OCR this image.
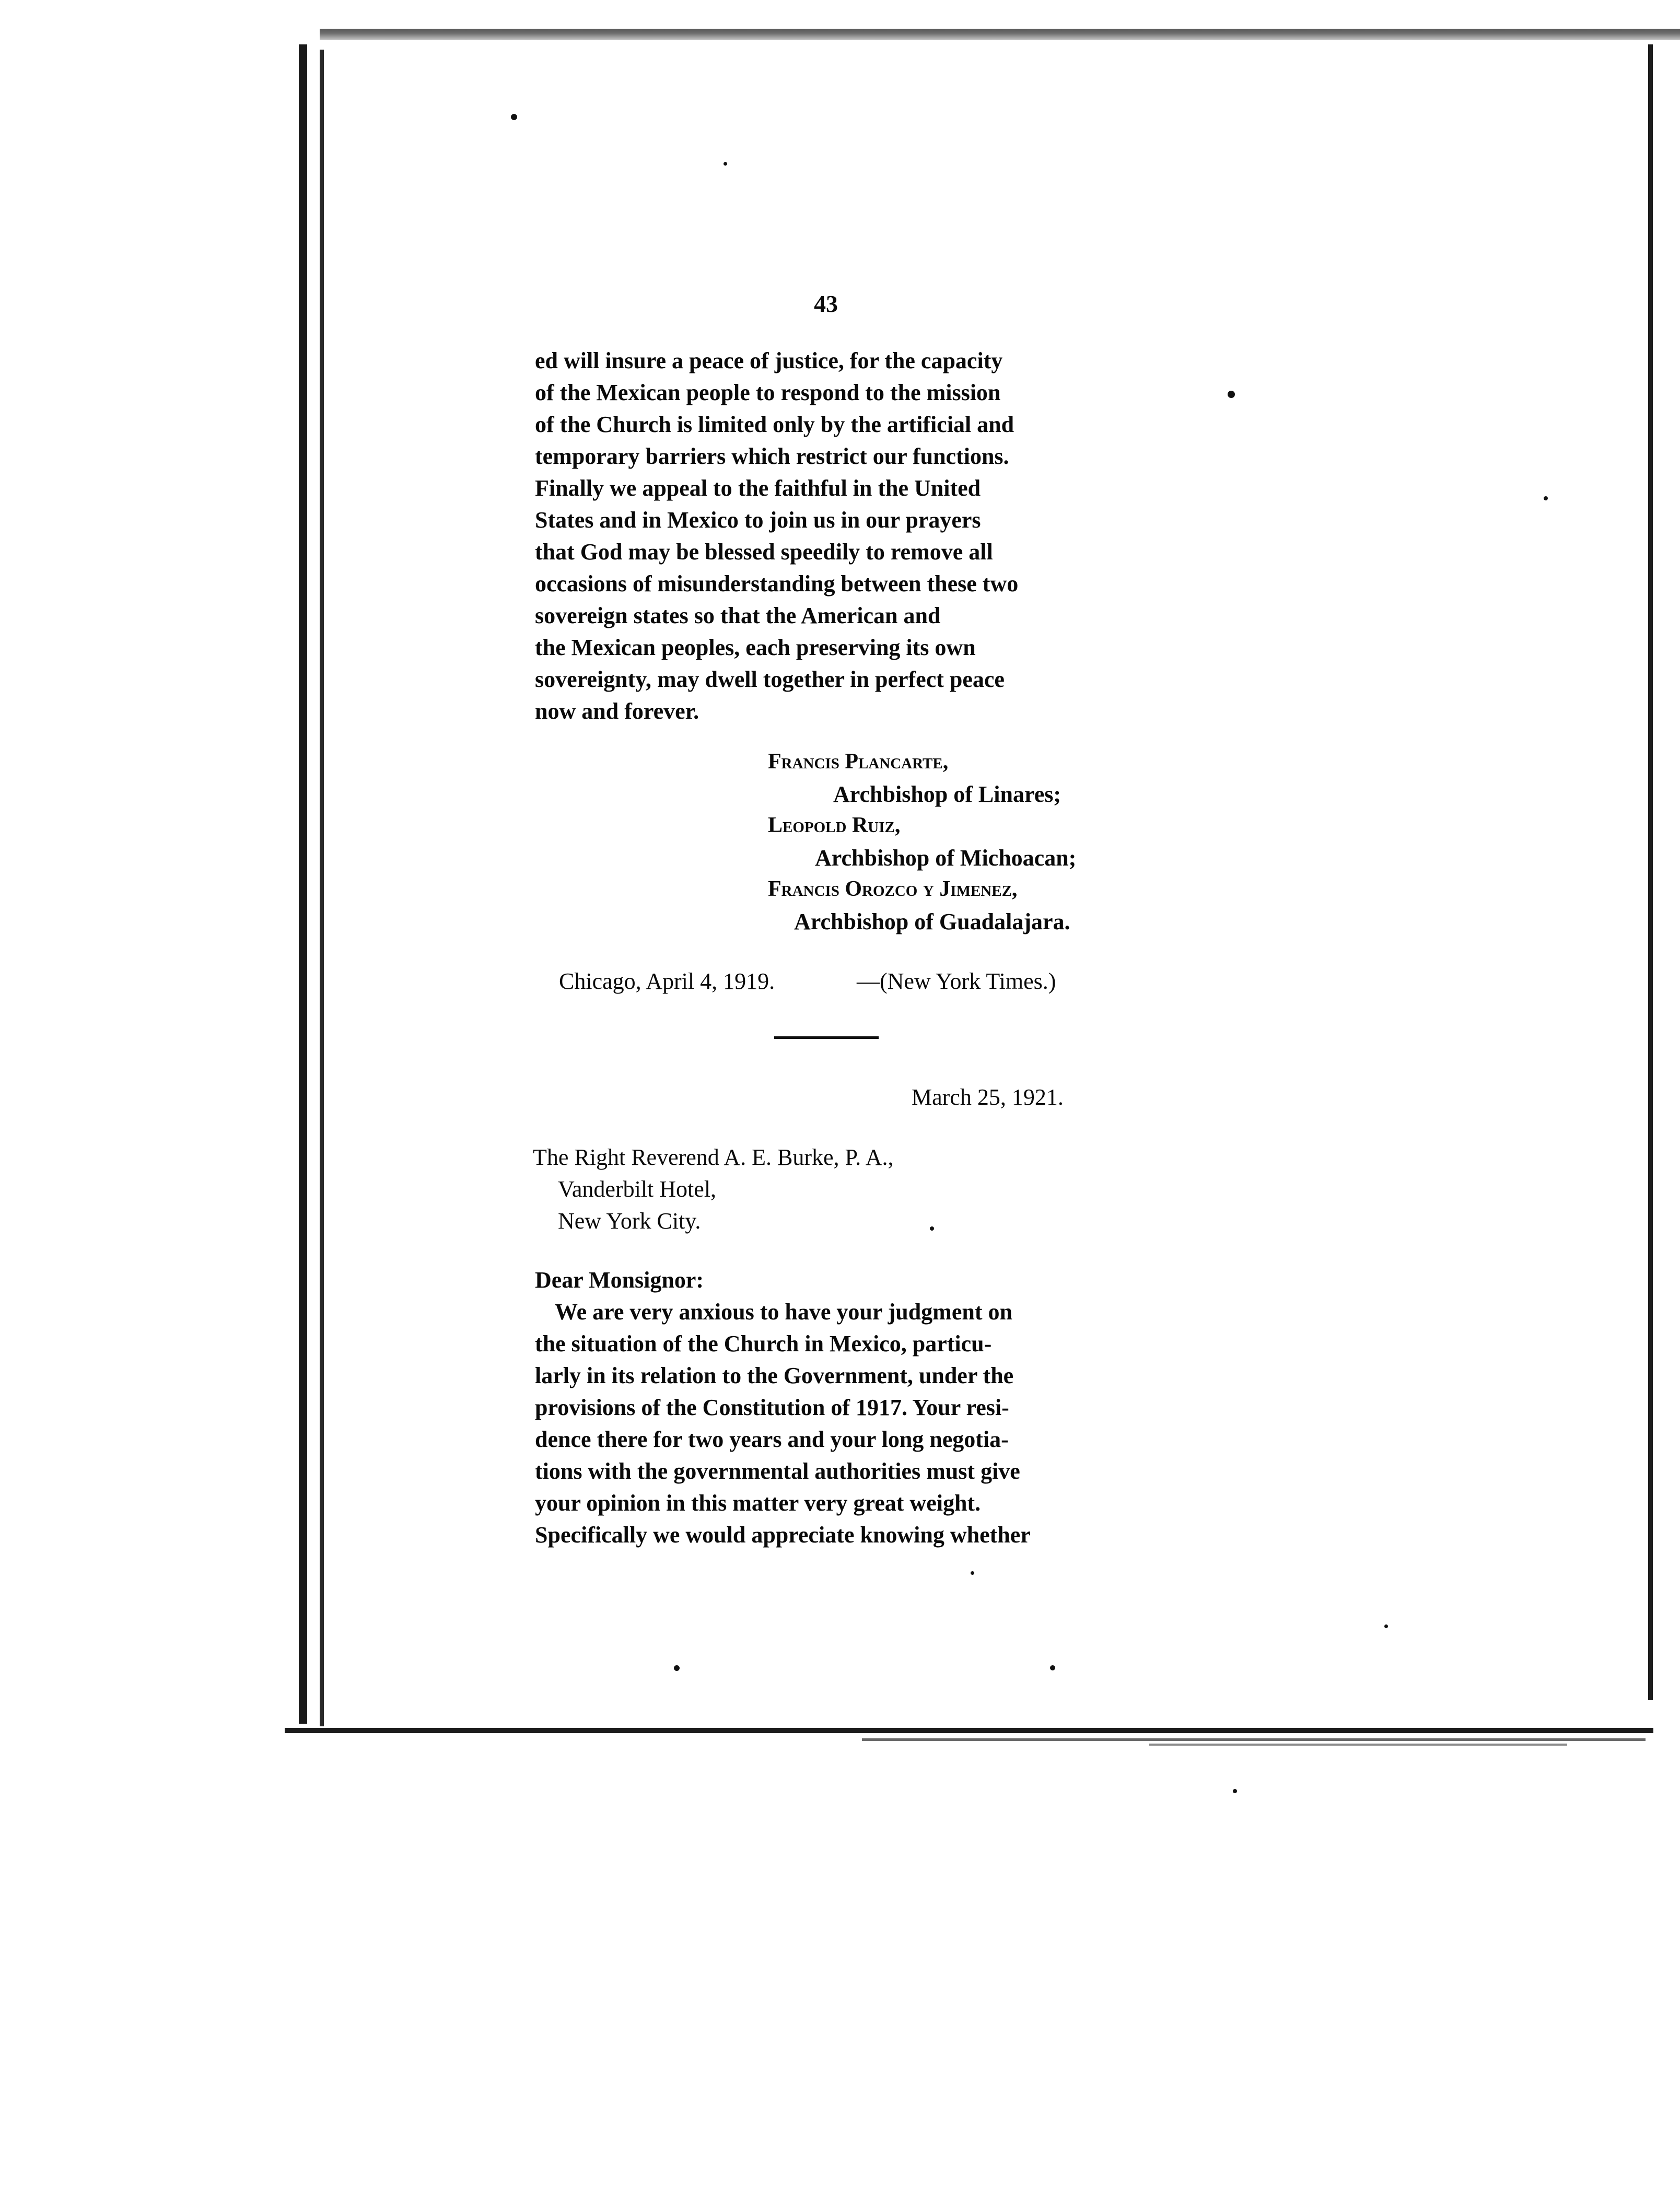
43
ed will insure a peace of justice, for the capacity
of the Mexican people to respond to the mission
of the Church is limited only by the artificial and
temporary barriers which restrict our functions.
Finally we appeal to the faithful in the United
States and in Mexico to join us in our prayers
that God may be blessed speedily to remove all
occasions of misunderstanding between these two
sovereign states so that the American and
the Mexican peoples, each preserving its own
sovereignty, may dwell together in perfect peace
now and forever.
Francis Plancarte,
Archbishop of Linares;
Leopold Ruiz,
Archbishop of Michoacan;
Francis Orozco y Jimenez,
Archbishop of Guadalajara.
Chicago, April 4, 1919.	—(New York Times.)
March 25, 1921.
The Right Reverend A. E. Burke, P. A.,
Vanderbilt Hotel,
New York City.
Dear Monsignor:
We are very anxious to have your judgment on
the situation of the Church in Mexico, particu-
larly in its relation to the Government, under the
provisions of the Constitution of 1917. Your resi-
dence there for two years and your long negotia-
tions with the governmental authorities must give
your opinion in this matter very great weight.
Specifically we would appreciate knowing whether
